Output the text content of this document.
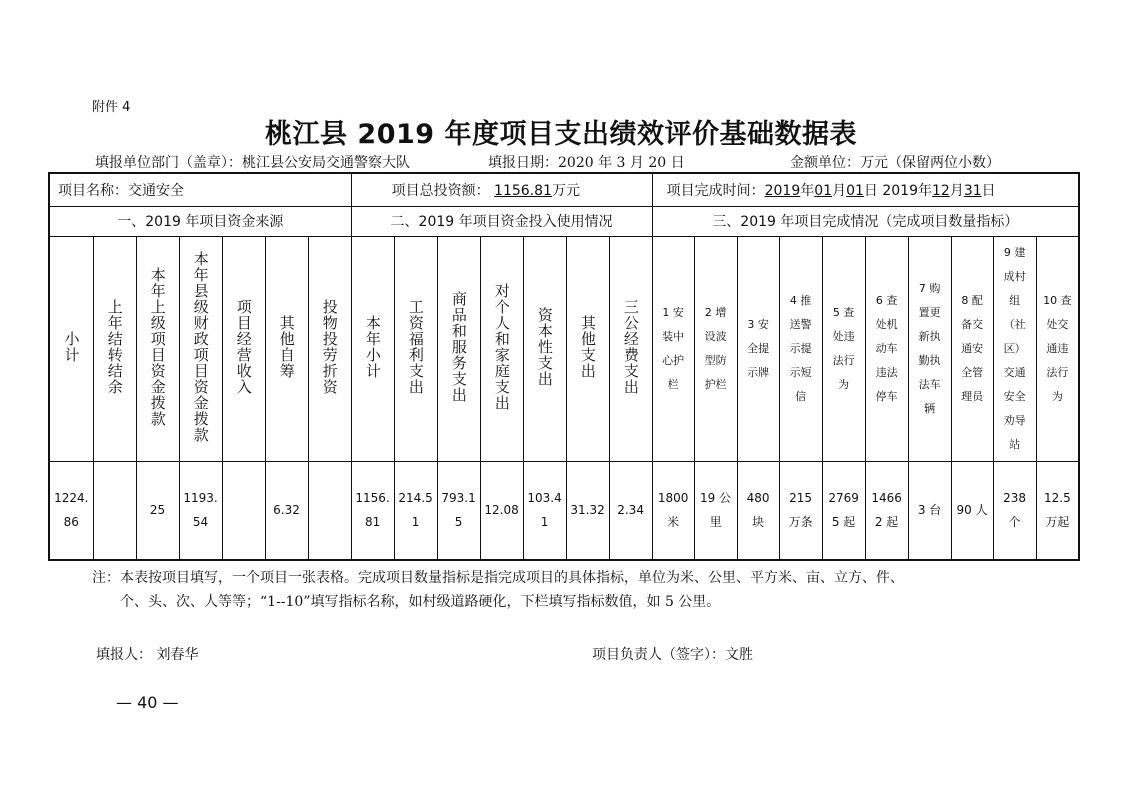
附件 4
桃江县 2019 年度项目支出绩效评价基础数据表
填报单位部门（盖章）：桃江县公安局交通警察大队	填报日期：2020 年 3 月 20 日	金额单位：万元（保留两位小数）
项目名称：交通安全							项目总投资额： 1156.81万元							项目完成时间：2019年01月01日 2019年12月31日									
一、2019 年项目资金来源							二、2019 年项目资金投入使用情况							三、2019 年项目完成情况（完成项目数量指标）									
小计	上年结转结余	本年上级项目资金拨款	本年县级财政项目资金拨款	项目经营收入	其他自筹	投物投劳折资	本年小计	工资福利支出	商品和服务支出	对个人和家庭支出	资本性支出	其他支出	三公经费支出	1 安装中心护栏	2 增设波型防护栏	3 安全提示牌	4 推送警示提示短信	5 查处违法行为	6 查处机动车违法停车	7 购置更新执勤执法车辆	8 配备交通安全管理员	9 建成村组（社区）交通安全劝导站	10 查处交通违法行为

1224.86		25	1193.54		6.32		1156.81	214.51	793.15	12.08	103.41	31.32	2.34	1800 米	19 公里	480 块	215 万条	27695 起	14662 起	3 台	90 人	238 个	12.5 万起
注：本表按项目填写，一个项目一张表格。完成项目数量指标是指完成项目的具体指标，单位为米、公里、平方米、亩、立方、件、
个、头、次、人等等；“1--10”填写指标名称，如村级道路硬化，下栏填写指标数值，如 5 公里。
填报人： 刘春华	项目负责人（签字）：文胜
— 40 —
